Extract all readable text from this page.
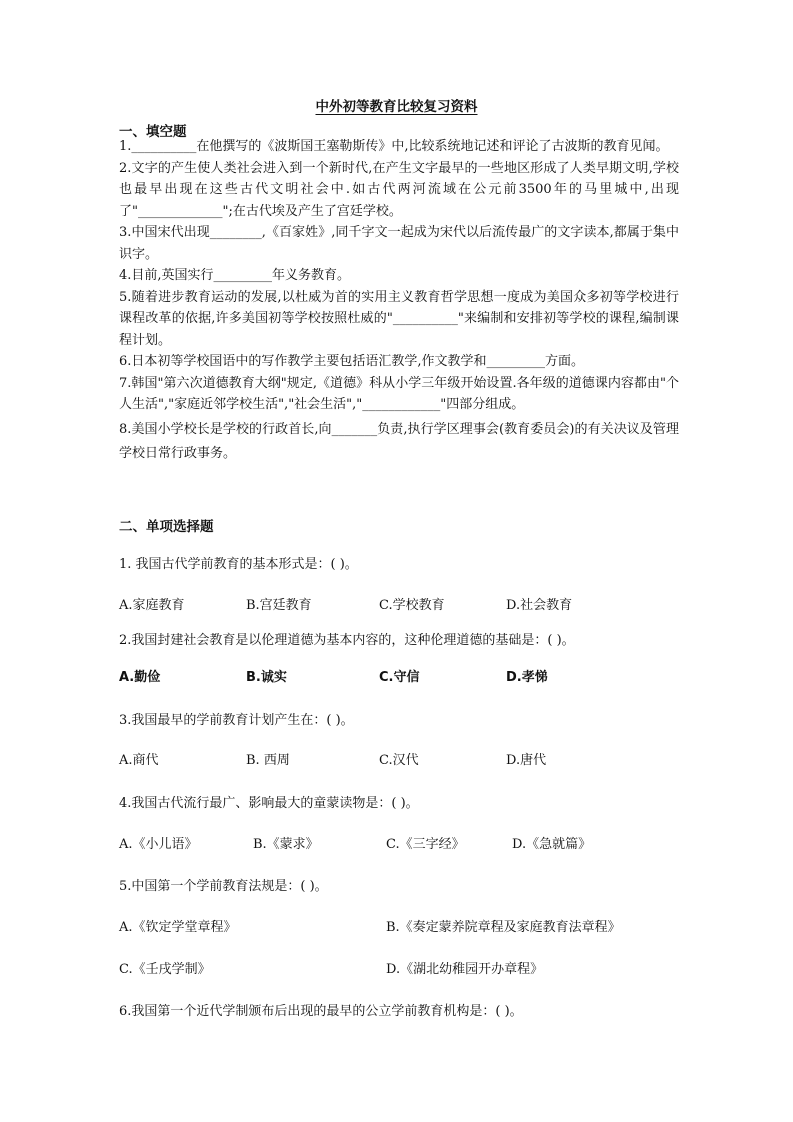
中外初等教育比较复习资料
一、填空题

1.__________在他撰写的《波斯国王塞勒斯传》中,比较系统地记述和评论了古波斯的教育见闻。

2.文字的产生使人类社会进入到一个新时代,在产生文字最早的一些地区形成了人类早期文明,学校也最早出现在这些古代文明社会中.如古代两河流域在公元前3500年的马里城中,出现了"_____________";在古代埃及产生了宫廷学校。

3.中国宋代出现________,《百家姓》,同千字文一起成为宋代以后流传最广的文字读本,都属于集中识字。

4.目前,英国实行_________年义务教育。

5.随着进步教育运动的发展,以杜威为首的实用主义教育哲学思想一度成为美国众多初等学校进行课程改革的依据,许多美国初等学校按照杜威的"__________"来编制和安排初等学校的课程,编制课程计划。

6.日本初等学校国语中的写作教学主要包括语汇教学,作文教学和_________方面。

7.韩国"第六次道德教育大纲"规定,《道德》科从小学三年级开始设置.各年级的道德课内容都由"个人生活","家庭近邻学校生活","社会生活","____________"四部分组成。

8.美国小学校长是学校的行政首长,向_______负责,执行学区理事会(教育委员会)的有关决议及管理学校日常行政事务。

二、单项选择题
1. 我国古代学前教育的基本形式是：( )。
A.家庭教育	B.宫廷教育	C.学校教育	D.社会教育
2.我国封建社会教育是以伦理道德为基本内容的，这种伦理道德的基础是：( )。
A.勤俭	B.诚实	C.守信	D.孝悌
3.我国最早的学前教育计划产生在：( )。
A.商代	B. 西周	C.汉代	D.唐代
4.我国古代流行最广、影响最大的童蒙读物是：( )。
A.《小儿语》	B.《蒙求》	C.《三字经》	D.《急就篇》
5.中国第一个学前教育法规是：( )。
A.《钦定学堂章程》	B.《奏定蒙养院章程及家庭教育法章程》
C.《壬戌学制》	D.《湖北幼稚园开办章程》
6.我国第一个近代学制颁布后出现的最早的公立学前教育机构是：( )。
